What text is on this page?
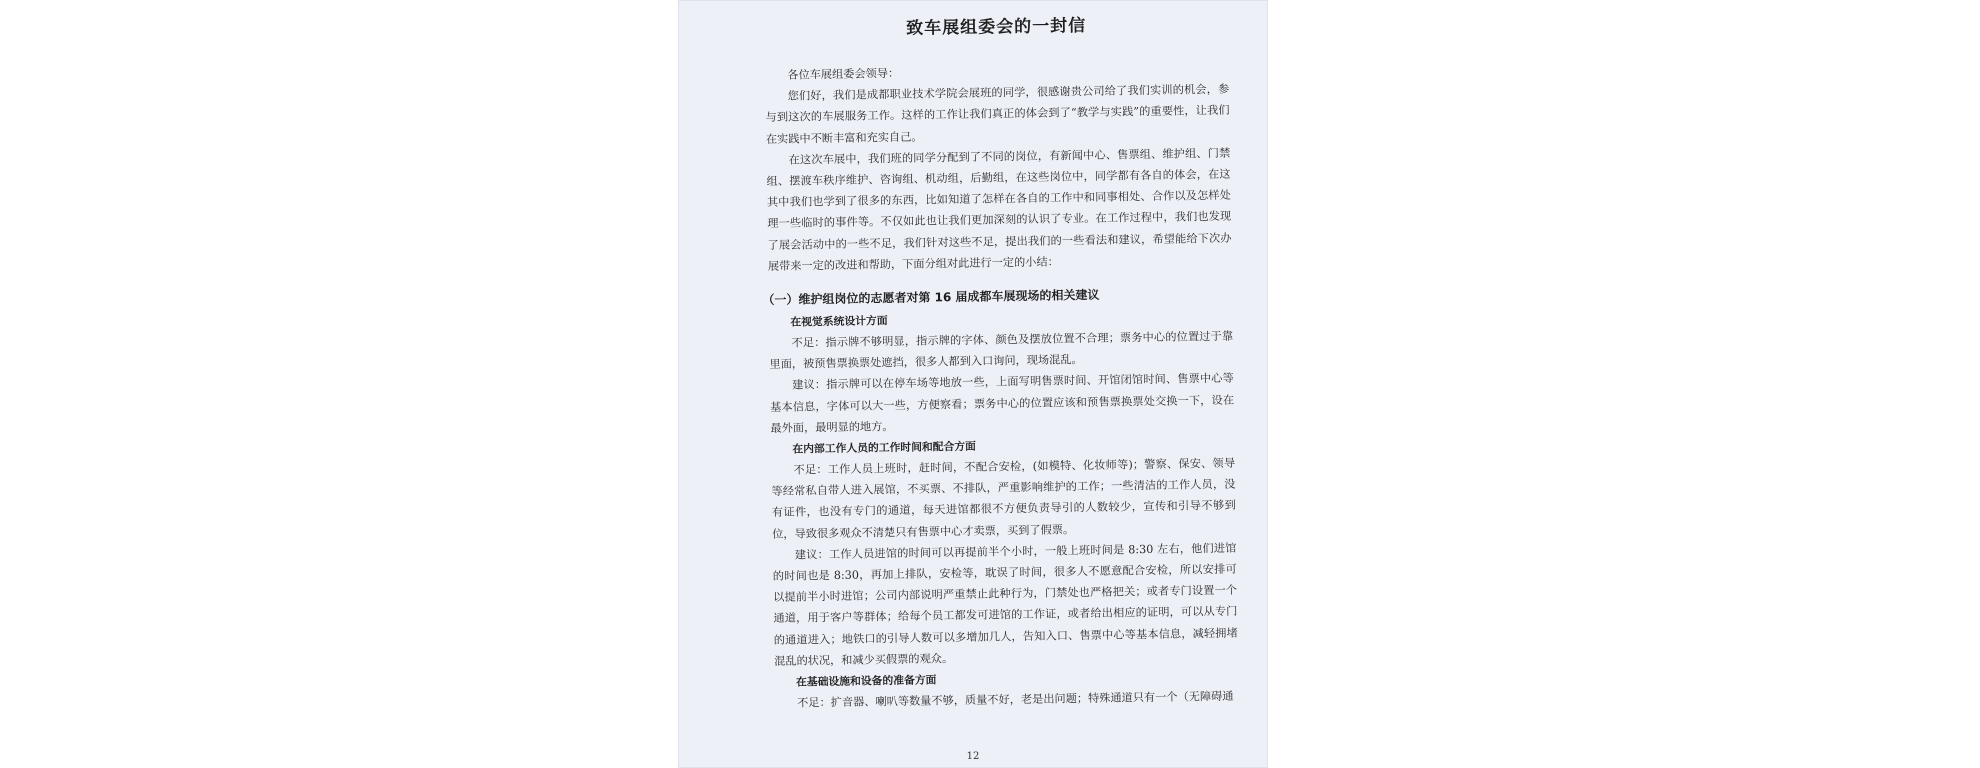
致车展组委会的一封信

各位车展组委会领导：

您们好，我们是成都职业技术学院会展班的同学，很感谢贵公司给了我们实训的机会，参与到这次的车展服务工作。这样的工作让我们真正的体会到了“教学与实践”的重要性，让我们在实践中不断丰富和充实自己。

在这次车展中，我们班的同学分配到了不同的岗位，有新闻中心、售票组、维护组、门禁组、摆渡车秩序维护、咨询组、机动组，后勤组，在这些岗位中，同学都有各自的体会，在这其中我们也学到了很多的东西，比如知道了怎样在各自的工作中和同事相处、合作以及怎样处理一些临时的事件等。不仅如此也让我们更加深刻的认识了专业。在工作过程中，我们也发现了展会活动中的一些不足，我们针对这些不足，提出我们的一些看法和建议，希望能给下次办展带来一定的改进和帮助，下面分组对此进行一定的小结：

（一）维护组岗位的志愿者对第 16 届成都车展现场的相关建议
在视觉系统设计方面

不足：指示牌不够明显，指示牌的字体、颜色及摆放位置不合理；票务中心的位置过于靠里面，被预售票换票处遮挡，很多人都到入口询问，现场混乱。

建议：指示牌可以在停车场等地放一些，上面写明售票时间、开馆闭馆时间、售票中心等基本信息，字体可以大一些，方便察看；票务中心的位置应该和预售票换票处交换一下，设在最外面，最明显的地方。

在内部工作人员的工作时间和配合方面

不足：工作人员上班时，赶时间，不配合安检，(如模特、化妆师等)；警察、保安、领导等经常私自带人进入展馆，不买票、不排队，严重影响维护的工作；一些清洁的工作人员，没有证件，也没有专门的通道，每天进馆都很不方便负责导引的人数较少，宣传和引导不够到位，导致很多观众不清楚只有售票中心才卖票，买到了假票。

建议：工作人员进馆的时间可以再提前半个小时，一般上班时间是 8:30 左右，他们进馆的时间也是 8:30，再加上排队，安检等，耽误了时间，很多人不愿意配合安检，所以安排可以提前半小时进馆；公司内部说明严重禁止此种行为，门禁处也严格把关；或者专门设置一个通道，用于客户等群体；给每个员工都发可进馆的工作证，或者给出相应的证明，可以从专门的通道进入；地铁口的引导人数可以多增加几人，告知入口、售票中心等基本信息，减轻拥堵混乱的状况，和减少买假票的观众。

在基础设施和设备的准备方面

不足：扩音器、喇叭等数量不够，质量不好，老是出问题；特殊通道只有一个（无障碍通

12
